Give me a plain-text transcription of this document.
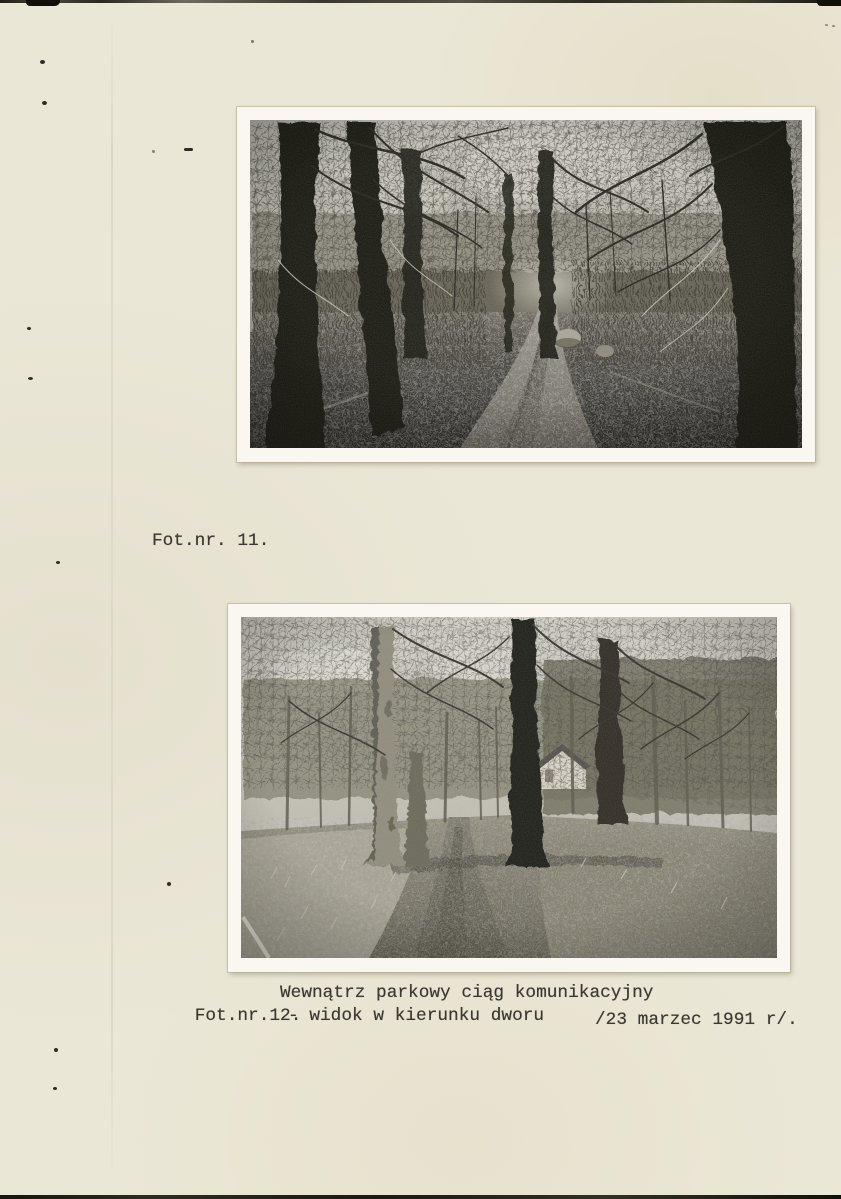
Fot.nr. 11.

Fot.nr.12.

Wewnątrz parkowy ciąg komunikacyjny
- widok w kierunku dworu	/23 marzec 1991 r/.
